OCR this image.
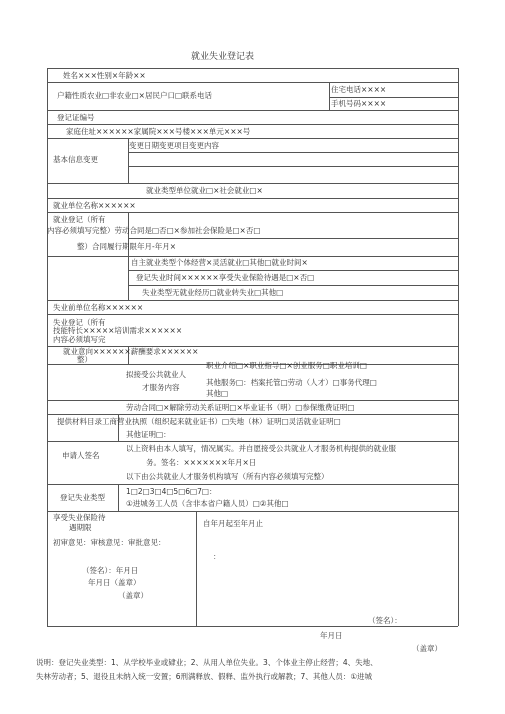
就业失业登记表
姓名×××性别×年龄××
户籍性质农业□非农业□×居民户口□联系电话
住宅电话××××
手机号码××××
登记证编号
家庭住址××××××家属院×××号楼×××单元×××号
基本信息变更
变更日期变更项目变更内容
就业类型单位就业□×社会就业□×
就业单位名称××××××
就业登记（所有
内容必须填写完整）劳动合同是□否□×参加社会保险是□×否□
整）合同履行期限年月-年月×
自主就业类型个体经营×灵活就业□其他□就业时间×
登记失业时间××××××享受失业保险待遇是□×否□
失业类型无就业经历□就业转失业□其他□
失业前单位名称××××××
失业登记（所有
技能特长×××××培训需求××××××
内容必须填写完
就业意向××××××薪酬要求××××××
整）
职业介绍□×职业指导□×创业服务□职业培训□
拟接受公共就业人
才服务内容
其他服务□：档案托管□劳动（人才）□事务代理□
其他□
劳动合同□×解除劳动关系证明□×毕业证书（明）□参保缴费证明□
提供材料目录工商营业执照（组织起来就业证书）□失地（林）证明□灵活就业证明□
其他证明□：
以上资料由本人填写，情况属实。并自愿接受公共就业人才服务机构提供的就业服
申请人签名
务。签名：×××××××年月×日
以下由公共就业人才服务机构填写（所有内容必须填写完整）
登记失业类型
1□2□3□4□5□6□7□：
①进城务工人员（含非本省户籍人员）□②其他□
享受失业保险待
遇期限	自年月起至年月止
初审意见：审核意见：审批意见：
：
（签名）：年月日
年月日（盖章）
（盖章）
（签名）：
年月日
（盖章）
说明：登记失业类型：1、从学校毕业或肄业；2、从用人单位失业。3、个体业主停止经营；4、失地、
失林劳动者；5、退役且未纳入统一安置；6刑满释放、假释、监外执行或解教；7、其他人员：①进城
